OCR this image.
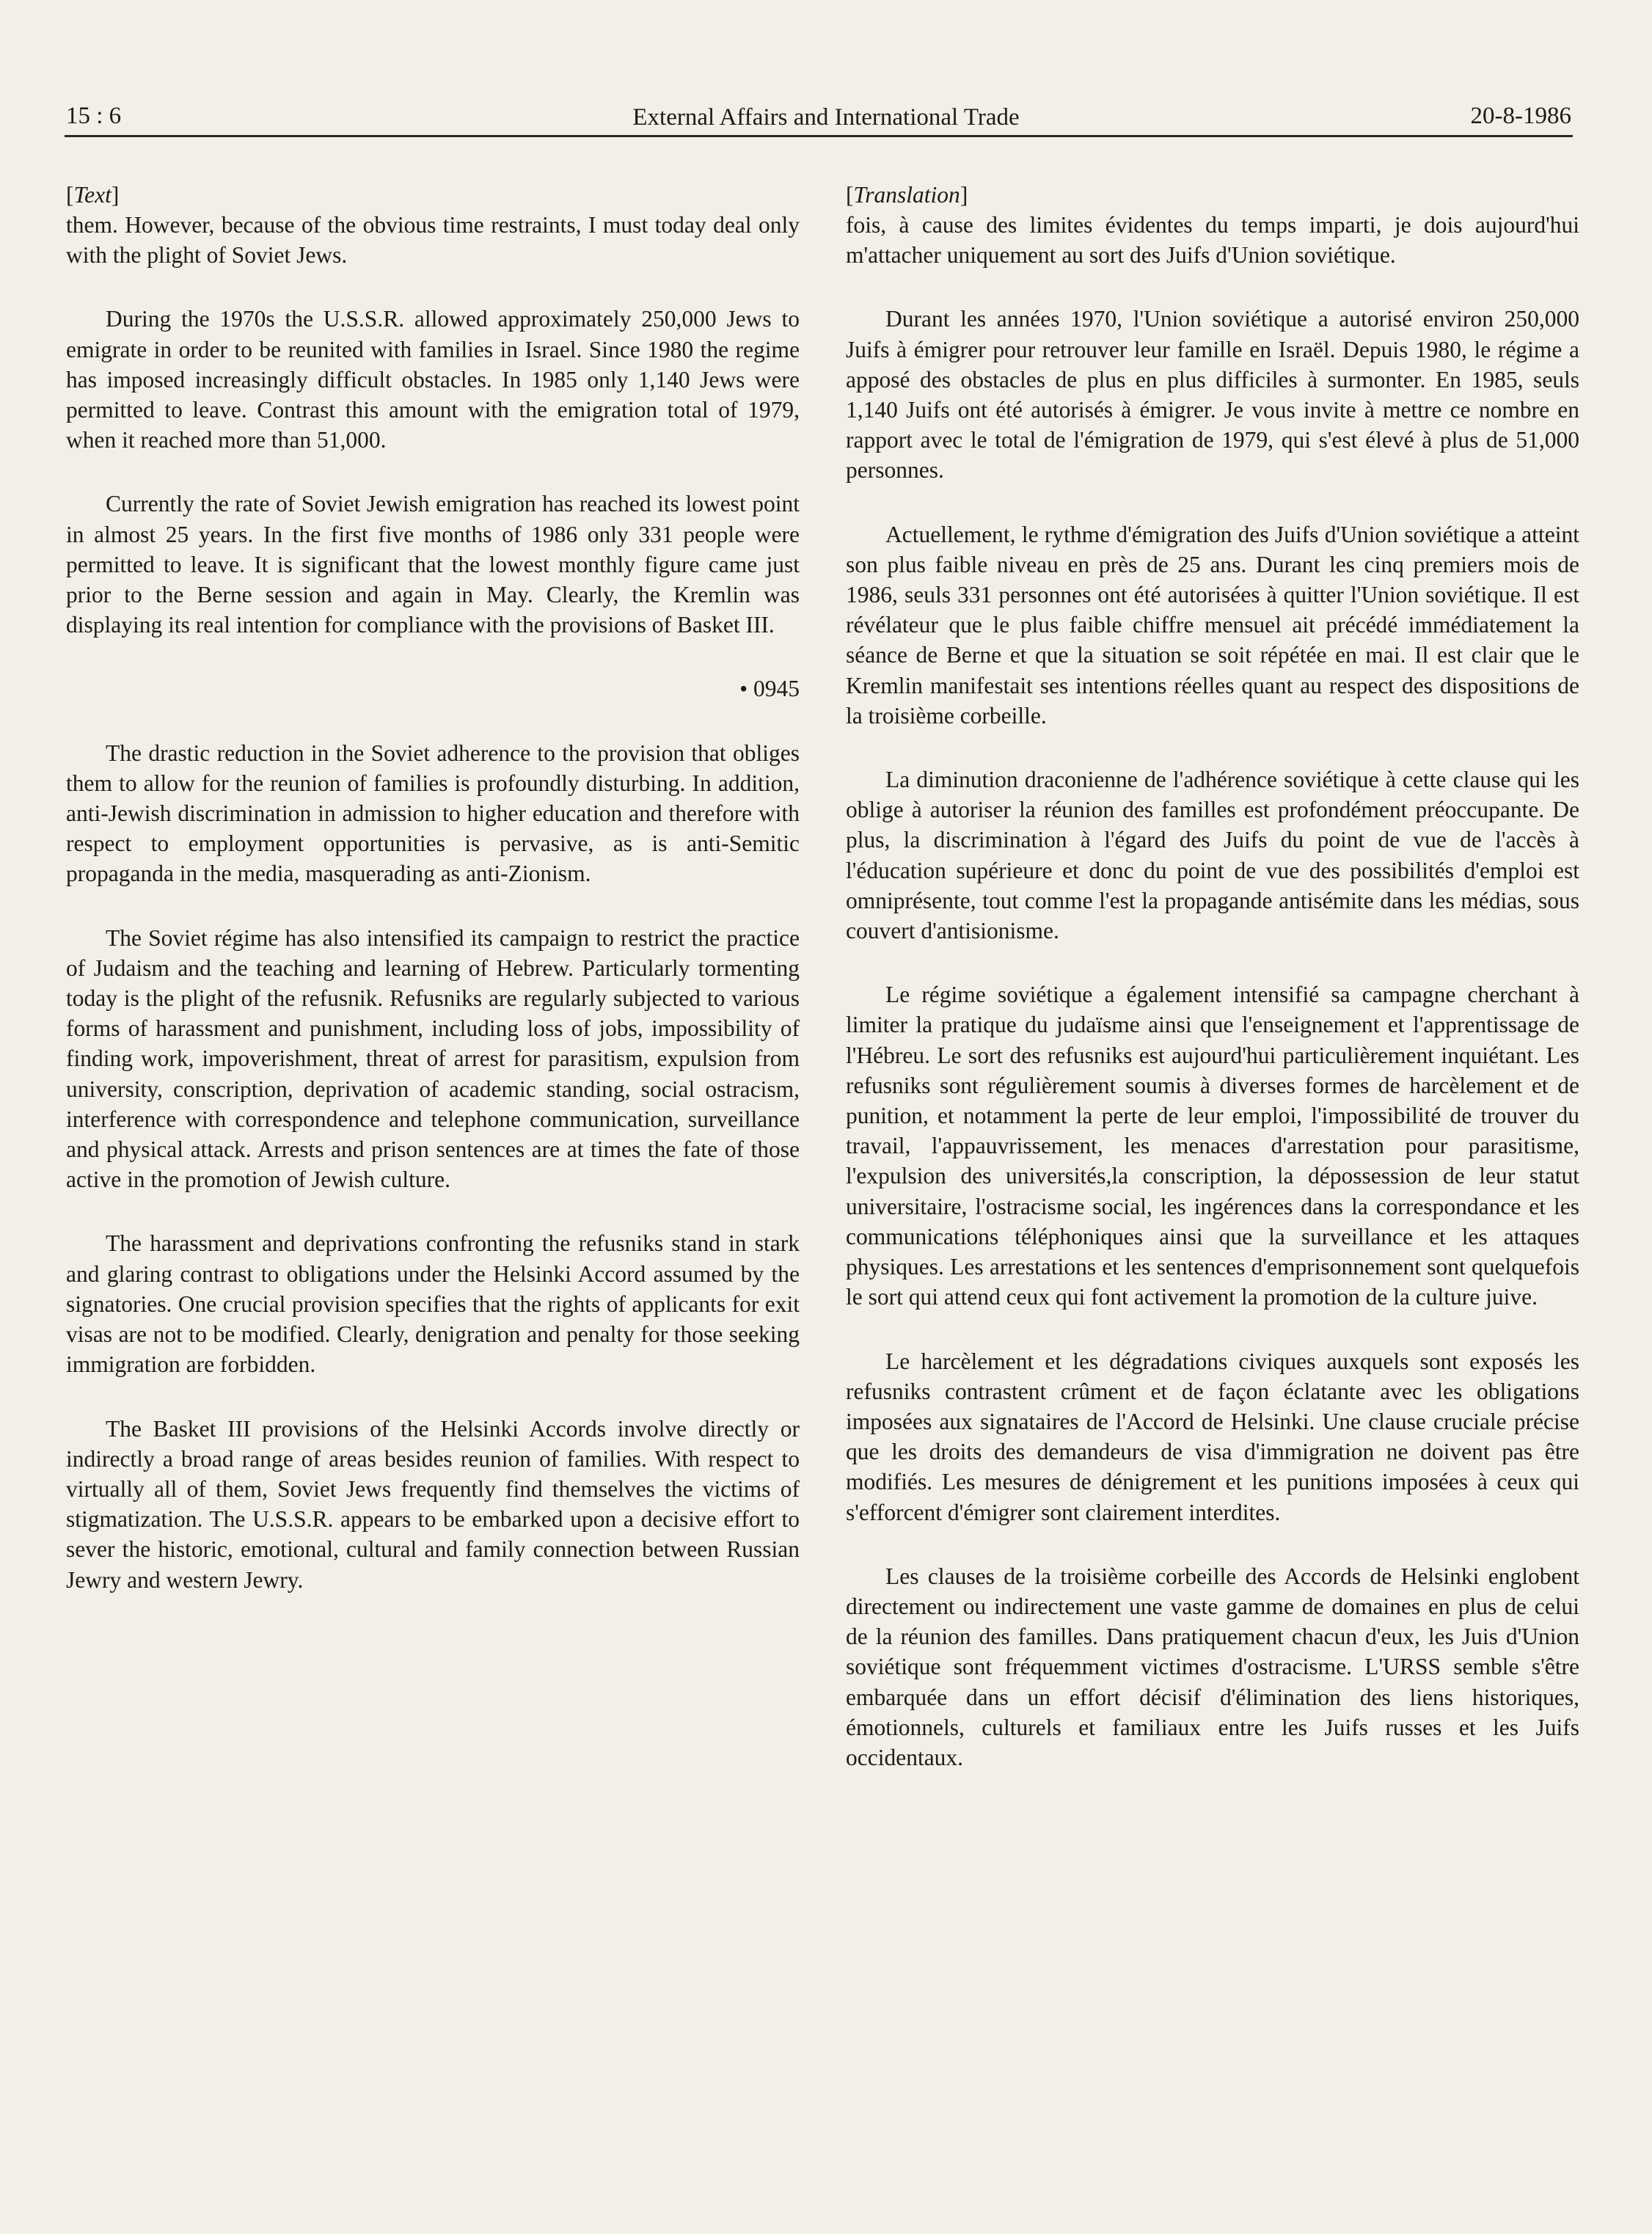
15 : 6	External Affairs and International Trade	20-8-1986
[Text]

them. However, because of the obvious time restraints, I must today deal only with the plight of Soviet Jews.

During the 1970s the U.S.S.R. allowed approximately 250,000 Jews to emigrate in order to be reunited with families in Israel. Since 1980 the regime has imposed increasingly difficult obstacles. In 1985 only 1,140 Jews were permitted to leave. Contrast this amount with the emigration total of 1979, when it reached more than 51,000.

Currently the rate of Soviet Jewish emigration has reached its lowest point in almost 25 years. In the first five months of 1986 only 331 people were permitted to leave. It is significant that the lowest monthly figure came just prior to the Berne session and again in May. Clearly, the Kremlin was displaying its real intention for compliance with the provisions of Basket III.

• 0945

The drastic reduction in the Soviet adherence to the provision that obliges them to allow for the reunion of families is profoundly disturbing. In addition, anti-Jewish discrimination in admission to higher education and therefore with respect to employment opportunities is pervasive, as is anti-Semitic propaganda in the media, masquerading as anti-Zionism.

The Soviet régime has also intensified its campaign to restrict the practice of Judaism and the teaching and learning of Hebrew. Particularly tormenting today is the plight of the refusnik. Refusniks are regularly subjected to various forms of harassment and punishment, including loss of jobs, impossibility of finding work, impoverishment, threat of arrest for parasitism, expulsion from university, conscription, deprivation of academic standing, social ostracism, interference with correspondence and telephone communication, surveillance and physical attack. Arrests and prison sentences are at times the fate of those active in the promotion of Jewish culture.

The harassment and deprivations confronting the refusniks stand in stark and glaring contrast to obligations under the Helsinki Accord assumed by the signatories. One crucial provision specifies that the rights of applicants for exit visas are not to be modified. Clearly, denigration and penalty for those seeking immigration are forbidden.

The Basket III provisions of the Helsinki Accords involve directly or indirectly a broad range of areas besides reunion of families. With respect to virtually all of them, Soviet Jews frequently find themselves the victims of stigmatization. The U.S.S.R. appears to be embarked upon a decisive effort to sever the historic, emotional, cultural and family connection between Russian Jewry and western Jewry.

[Translation]

fois, à cause des limites évidentes du temps imparti, je dois aujourd'hui m'attacher uniquement au sort des Juifs d'Union soviétique.

Durant les années 1970, l'Union soviétique a autorisé environ 250,000 Juifs à émigrer pour retrouver leur famille en Israël. Depuis 1980, le régime a apposé des obstacles de plus en plus difficiles à surmonter. En 1985, seuls 1,140 Juifs ont été autorisés à émigrer. Je vous invite à mettre ce nombre en rapport avec le total de l'émigration de 1979, qui s'est élevé à plus de 51,000 personnes.

Actuellement, le rythme d'émigration des Juifs d'Union soviétique a atteint son plus faible niveau en près de 25 ans. Durant les cinq premiers mois de 1986, seuls 331 personnes ont été autorisées à quitter l'Union soviétique. Il est révélateur que le plus faible chiffre mensuel ait précédé immédiatement la séance de Berne et que la situation se soit répétée en mai. Il est clair que le Kremlin manifestait ses intentions réelles quant au respect des dispositions de la troisième corbeille.

La diminution draconienne de l'adhérence soviétique à cette clause qui les oblige à autoriser la réunion des familles est profondément préoccupante. De plus, la discrimination à l'égard des Juifs du point de vue de l'accès à l'éducation supérieure et donc du point de vue des possibilités d'emploi est omniprésente, tout comme l'est la propagande antisémite dans les médias, sous couvert d'antisionisme.

Le régime soviétique a également intensifié sa campagne cherchant à limiter la pratique du judaïsme ainsi que l'enseignement et l'apprentissage de l'Hébreu. Le sort des refusniks est aujourd'hui particulièrement inquiétant. Les refusniks sont régulièrement soumis à diverses formes de harcèlement et de punition, et notamment la perte de leur emploi, l'impossibilité de trouver du travail, l'appauvrissement, les menaces d'arrestation pour parasitisme, l'expulsion des universités,la conscription, la dépossession de leur statut universitaire, l'ostracisme social, les ingérences dans la correspondance et les communications téléphoniques ainsi que la surveillance et les attaques physiques. Les arrestations et les sentences d'emprisonnement sont quelquefois le sort qui attend ceux qui font activement la promotion de la culture juive.

Le harcèlement et les dégradations civiques auxquels sont exposés les refusniks contrastent crûment et de façon éclatante avec les obligations imposées aux signataires de l'Accord de Helsinki. Une clause cruciale précise que les droits des demandeurs de visa d'immigration ne doivent pas être modifiés. Les mesures de dénigrement et les punitions imposées à ceux qui s'efforcent d'émigrer sont clairement interdites.

Les clauses de la troisième corbeille des Accords de Helsinki englobent directement ou indirectement une vaste gamme de domaines en plus de celui de la réunion des familles. Dans pratiquement chacun d'eux, les Juis d'Union soviétique sont fréquemment victimes d'ostracisme. L'URSS semble s'être embarquée dans un effort décisif d'élimination des liens historiques, émotionnels, culturels et familiaux entre les Juifs russes et les Juifs occidentaux.
